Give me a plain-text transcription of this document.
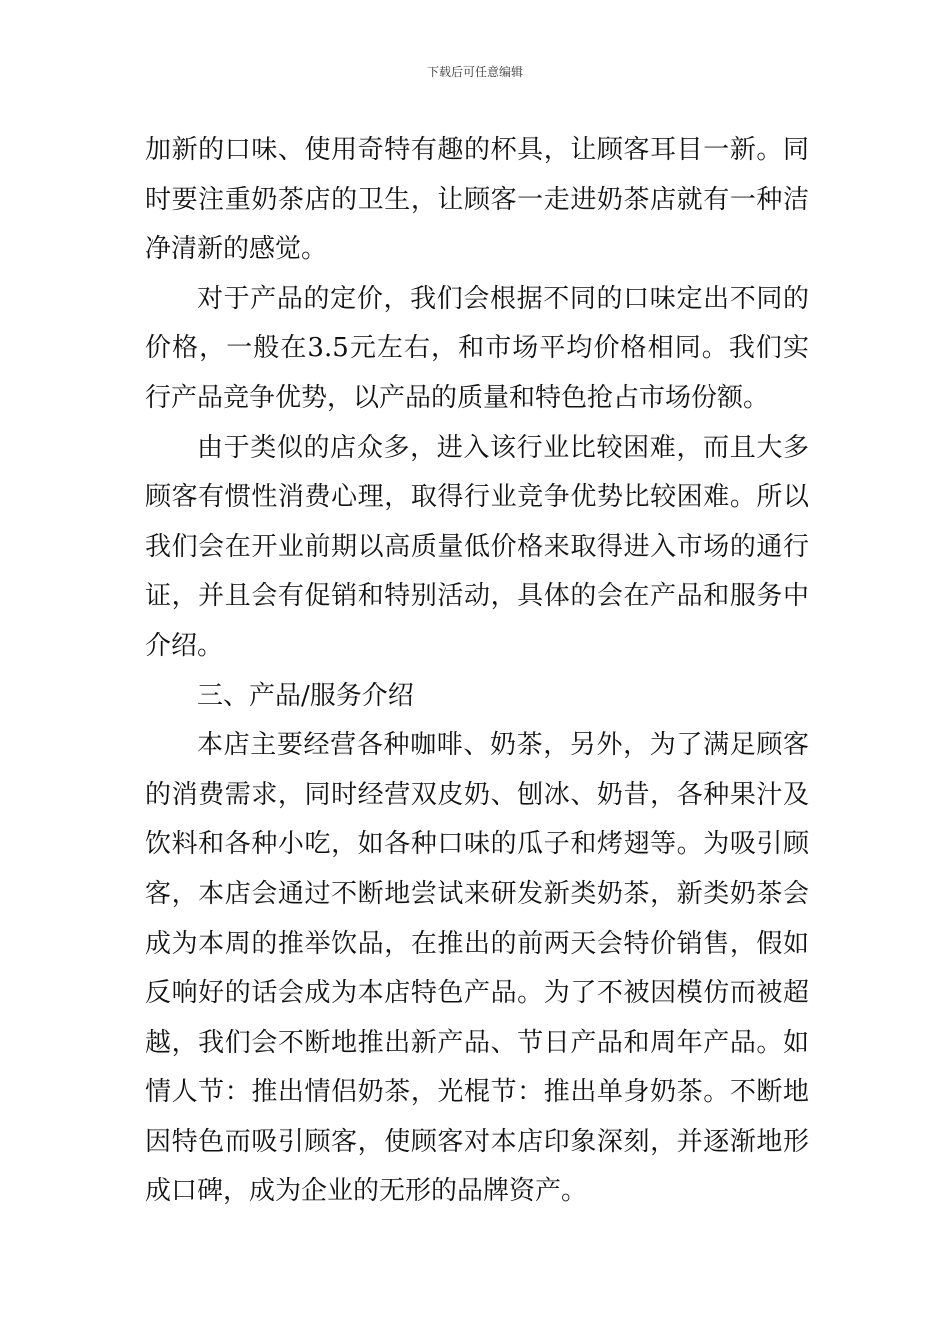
下载后可任意编辑

加新的口味、使用奇特有趣的杯具，让顾客耳目一新。同时要注重奶茶店的卫生，让顾客一走进奶茶店就有一种洁净清新的感觉。

对于产品的定价，我们会根据不同的口味定出不同的价格，一般在3.5元左右，和市场平均价格相同。我们实行产品竞争优势，以产品的质量和特色抢占市场份额。

由于类似的店众多，进入该行业比较困难，而且大多顾客有惯性消费心理，取得行业竞争优势比较困难。所以我们会在开业前期以高质量低价格来取得进入市场的通行证，并且会有促销和特别活动，具体的会在产品和服务中介绍。

三、产品/服务介绍

本店主要经营各种咖啡、奶茶，另外，为了满足顾客的消费需求，同时经营双皮奶、刨冰、奶昔，各种果汁及饮料和各种小吃，如各种口味的瓜子和烤翅等。为吸引顾客，本店会通过不断地尝试来研发新类奶茶，新类奶茶会成为本周的推举饮品，在推出的前两天会特价销售，假如反响好的话会成为本店特色产品。为了不被因模仿而被超越，我们会不断地推出新产品、节日产品和周年产品。如情人节：推出情侣奶茶，光棍节：推出单身奶茶。不断地因特色而吸引顾客，使顾客对本店印象深刻，并逐渐地形成口碑，成为企业的无形的品牌资产。
